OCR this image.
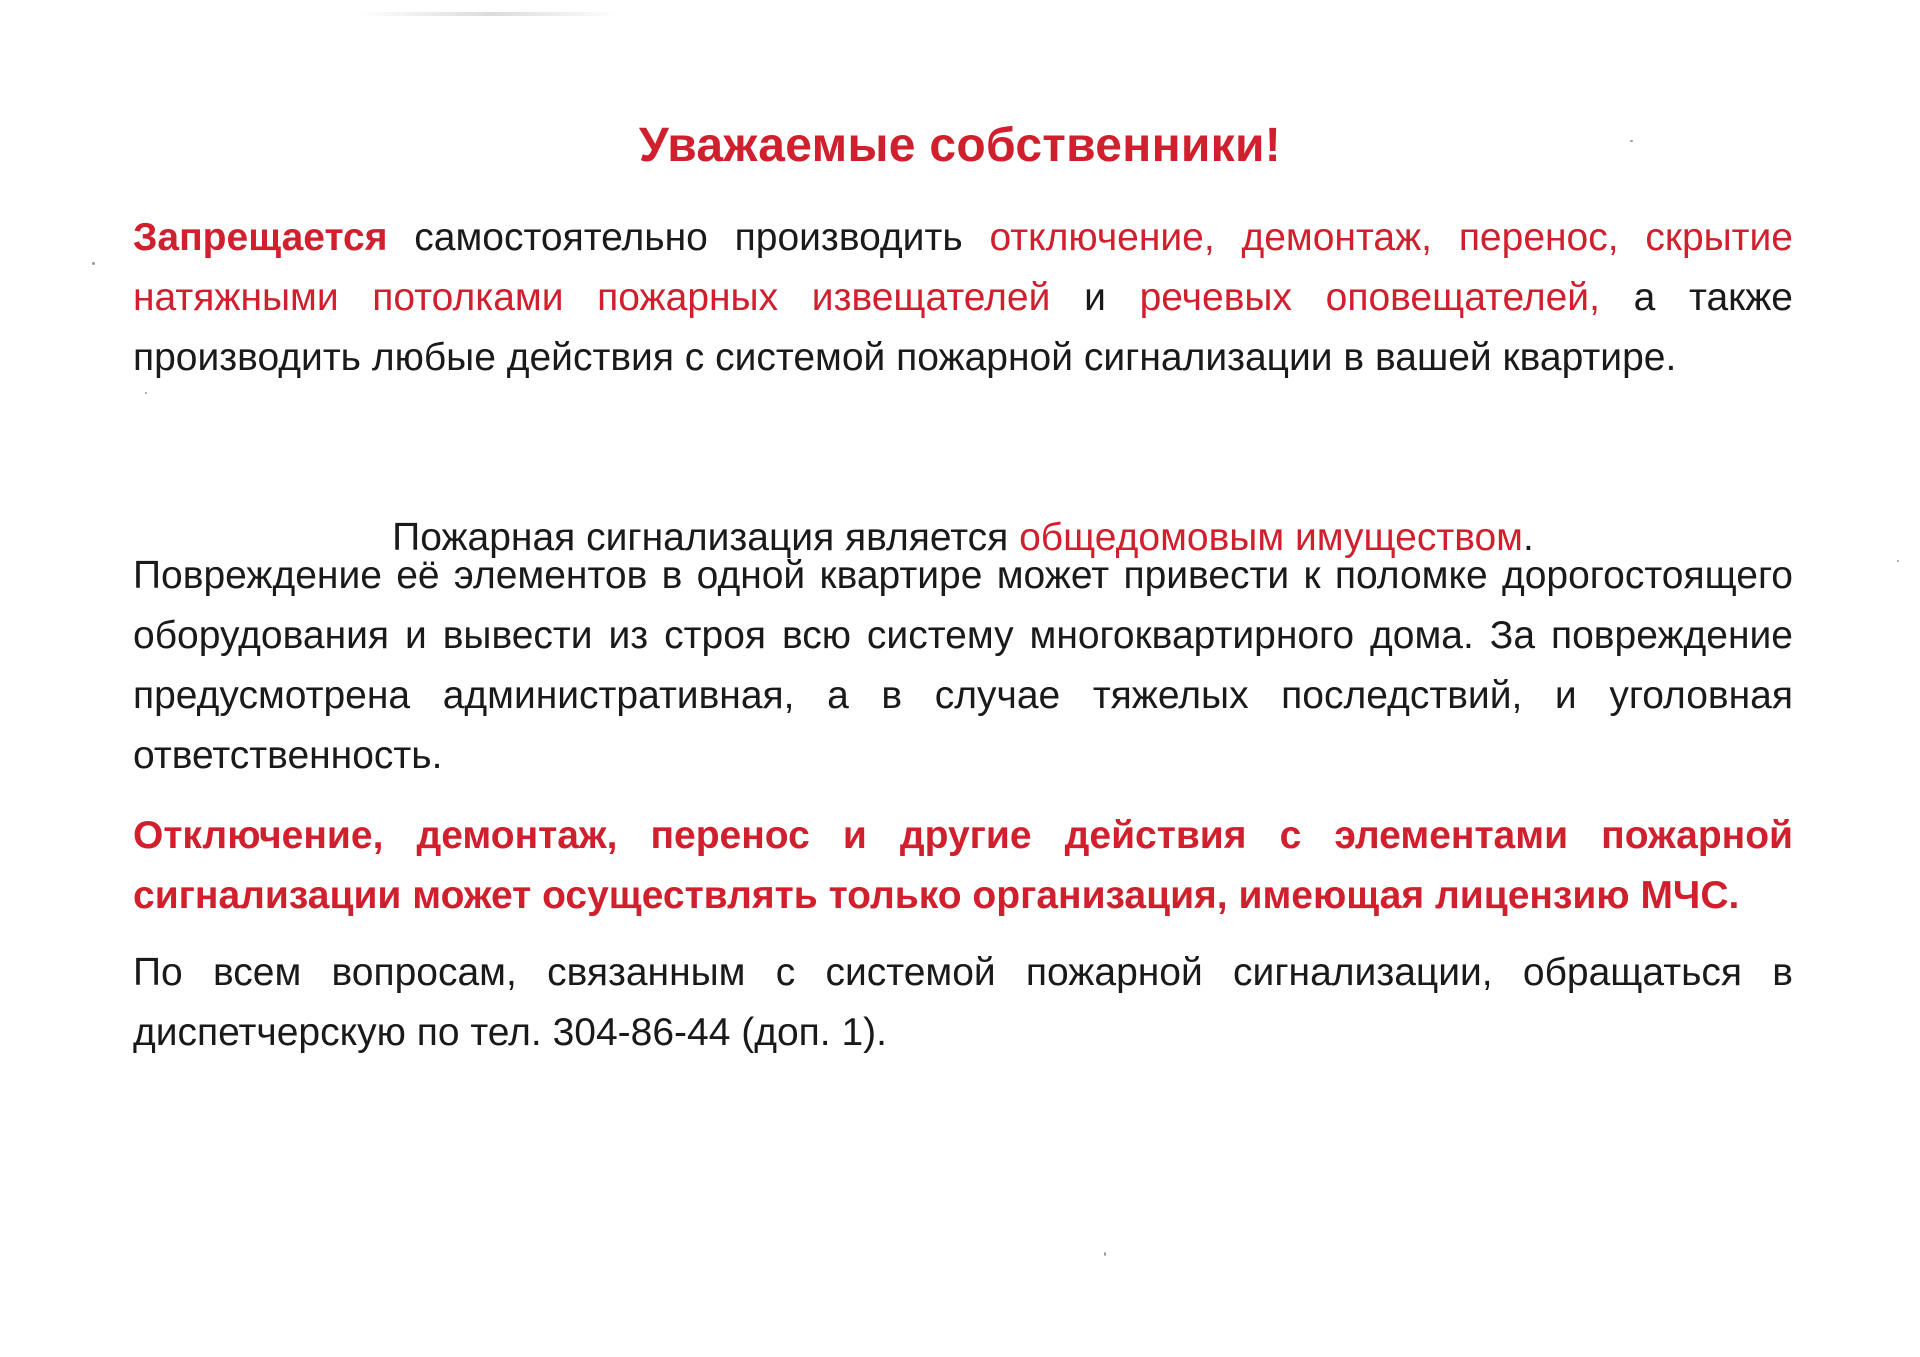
Уважаемые собственники!

Запрещается самостоятельно производить отключение, демонтаж, перенос, скрытие натяжными потолками пожарных извещателей и речевых оповещателей, а также производить любые действия с системой пожарной сигнализации в вашей квартире.

Пожарная сигнализация является общедомовым имуществом.

Повреждение её элементов в одной квартире может привести к поломке дорогостоящего оборудования и вывести из строя всю систему многоквартирного дома. За повреждение предусмотрена административная, а в случае тяжелых последствий, и уголовная ответственность.

Отключение, демонтаж, перенос и другие действия с элементами пожарной сигнализации может осуществлять только организация, имеющая лицензию МЧС.

По всем вопросам, связанным с системой пожарной сигнализации, обращаться в диспетчерскую по тел. 304-86-44 (доп. 1).
